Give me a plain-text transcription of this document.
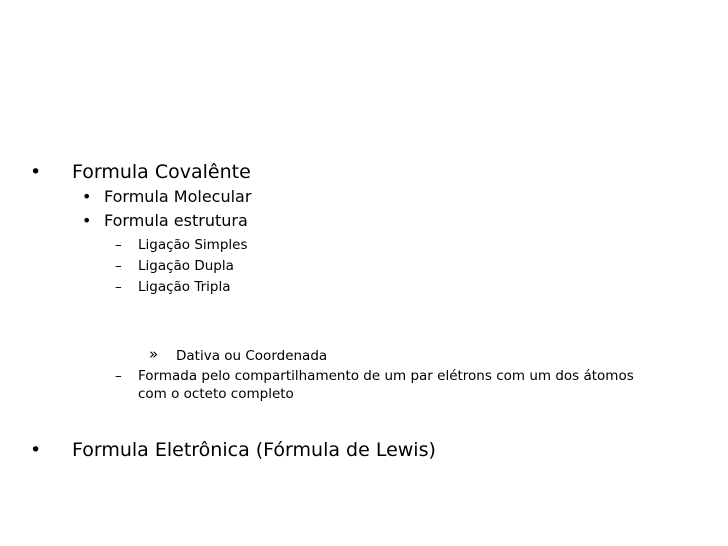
• Formula Covalênte
• Formula Molecular
• Formula estrutura
– Ligação Simples
– Ligação Dupla
– Ligação Tripla
» Dativa ou Coordenada
– Formada pelo compartilhamento de um par elétrons com um dos átomos
com o octeto completo
• Formula Eletrônica (Fórmula de Lewis)
